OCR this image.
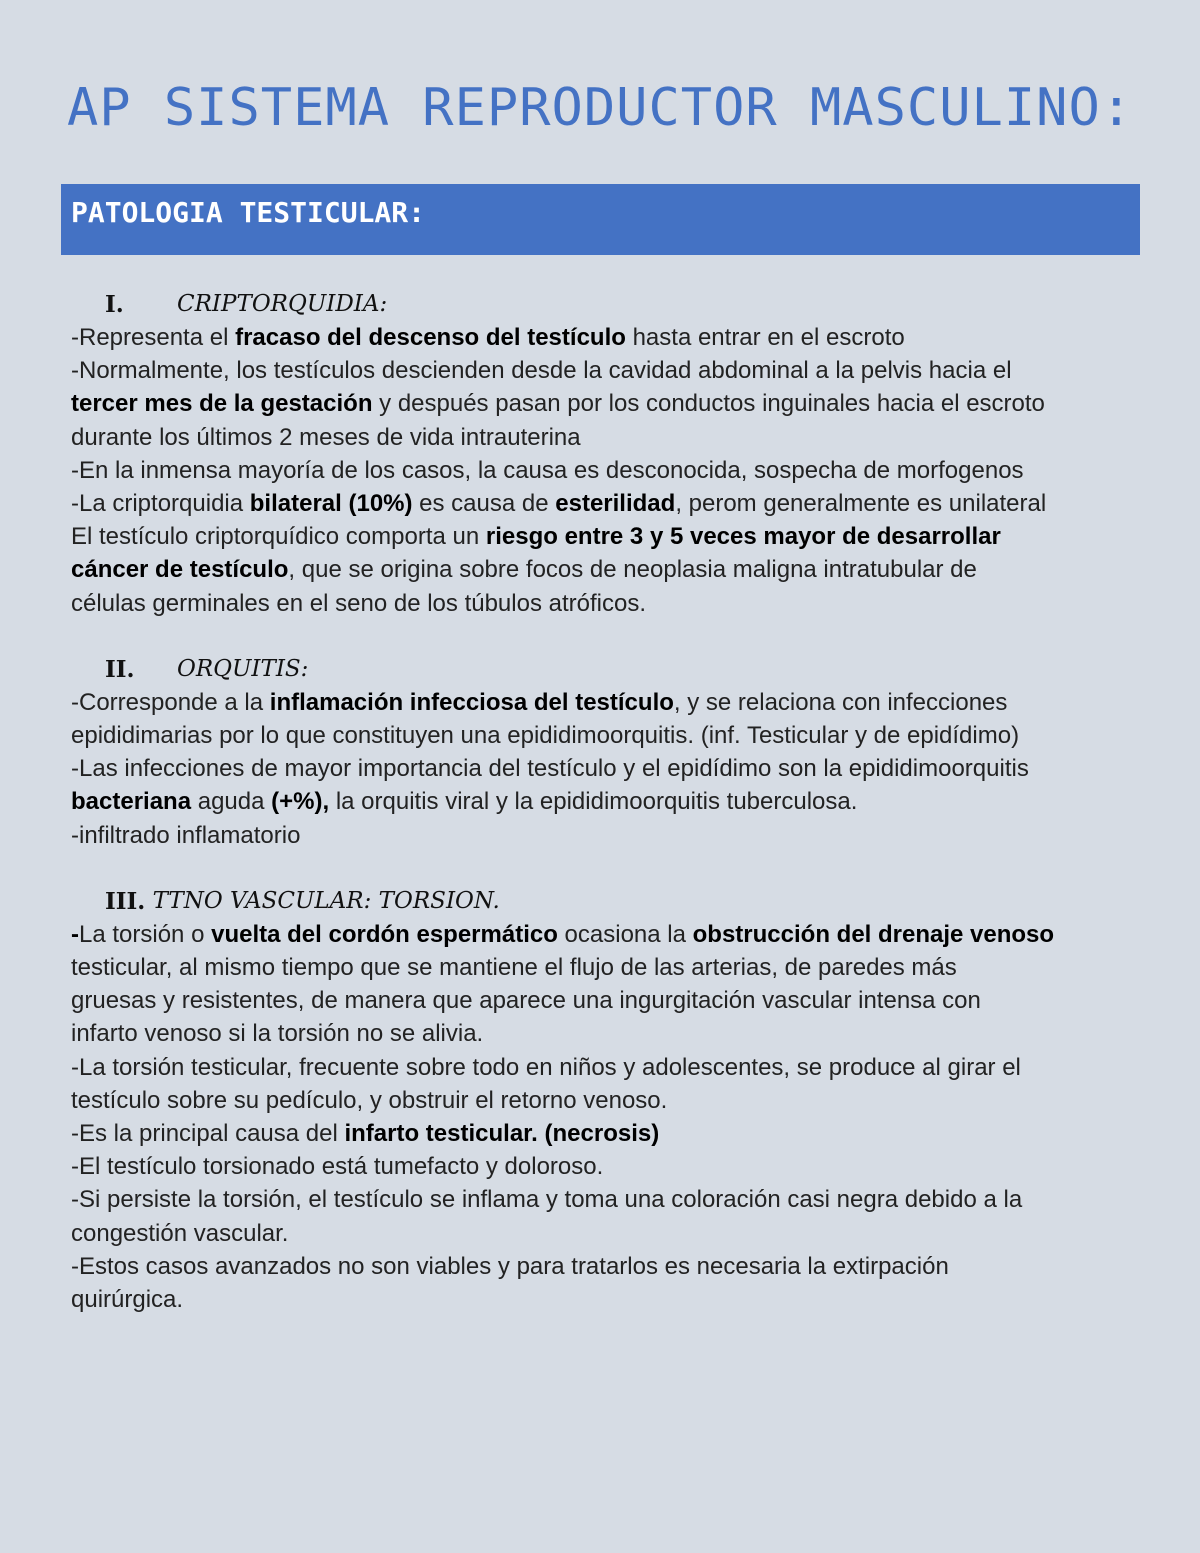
AP SISTEMA REPRODUCTOR MASCULINO:

PATOLOGIA TESTICULAR:

I.	CRIPTORQUIDIA:
-Representa el fracaso del descenso del testículo hasta entrar en el escroto
-Normalmente, los testículos descienden desde la cavidad abdominal a la pelvis hacia el
tercer mes de la gestación y después pasan por los conductos inguinales hacia el escroto
durante los últimos 2 meses de vida intrauterina
-En la inmensa mayoría de los casos, la causa es desconocida, sospecha de morfogenos
-La criptorquidia bilateral (10%) es causa de esterilidad, perom generalmente es unilateral
El testículo criptorquídico comporta un riesgo entre 3 y 5 veces mayor de desarrollar
cáncer de testículo, que se origina sobre focos de neoplasia maligna intratubular de
células germinales en el seno de los túbulos atróficos.
II.	ORQUITIS:
-Corresponde a la inflamación infecciosa del testículo, y se relaciona con infecciones
epididimarias por lo que constituyen una epididimoorquitis. (inf. Testicular y de epidídimo)
-Las infecciones de mayor importancia del testículo y el epidídimo son la epididimoorquitis
bacteriana aguda (+%), la orquitis viral y la epididimoorquitis tuberculosa.
-infiltrado inflamatorio
III.
TTNO VASCULAR: TORSION.
-La torsión o vuelta del cordón espermático ocasiona la obstrucción del drenaje venoso
testicular, al mismo tiempo que se mantiene el flujo de las arterias, de paredes más
gruesas y resistentes, de manera que aparece una ingurgitación vascular intensa con
infarto venoso si la torsión no se alivia.
-La torsión testicular, frecuente sobre todo en niños y adolescentes, se produce al girar el
testículo sobre su pedículo, y obstruir el retorno venoso.
-Es la principal causa del infarto testicular. (necrosis)
-El testículo torsionado está tumefacto y doloroso.
-Si persiste la torsión, el testículo se inflama y toma una coloración casi negra debido a la
congestión vascular.
-Estos casos avanzados no son viables y para tratarlos es necesaria la extirpación
quirúrgica.
